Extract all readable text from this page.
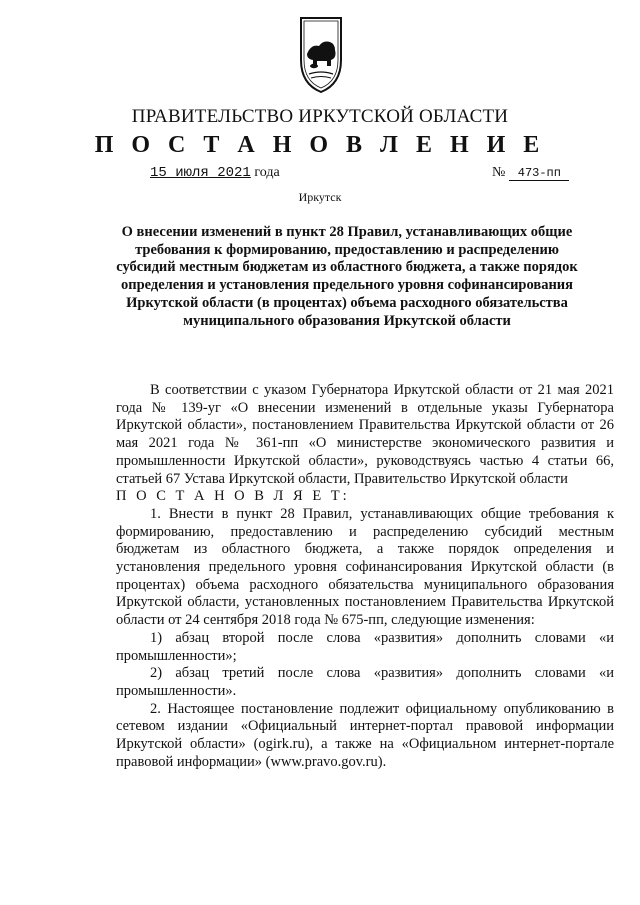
ПРАВИТЕЛЬСТВО ИРКУТСКОЙ ОБЛАСТИ
П О С Т А Н О В Л Е Н И Е
15 июля 2021 года	№ 473-пп
Иркутск
О внесении изменений в пункт 28 Правил, устанавливающих общие требования к формированию, предоставлению и распределению субсидий местным бюджетам из областного бюджета, а также порядок определения и установления предельного уровня софинансирования Иркутской области (в процентах) объема расходного обязательства муниципального образования Иркутской области

В соответствии с указом Губернатора Иркутской области от 21 мая 2021 года № 139-уг «О внесении изменений в отдельные указы Губернатора Иркутской области», постановлением Правительства Иркутской области от 26 мая 2021 года № 361-пп «О министерстве экономического развития и промышленности Иркутской области», руководствуясь частью 4 статьи 66, статьей 67 Устава Иркутской области, Правительство Иркутской области

П О С Т А Н О В Л Я Е Т:

1. Внести в пункт 28 Правил, устанавливающих общие требования к формированию, предоставлению и распределению субсидий местным бюджетам из областного бюджета, а также порядок определения и установления предельного уровня софинансирования Иркутской области (в процентах) объема расходного обязательства муниципального образования Иркутской области, установленных постановлением Правительства Иркутской области от 24 сентября 2018 года № 675-пп, следующие изменения:

1) абзац второй после слова «развития» дополнить словами «и промышленности»;

2) абзац третий после слова «развития» дополнить словами «и промышленности».

2. Настоящее постановление подлежит официальному опубликованию в сетевом издании «Официальный интернет-портал правовой информации Иркутской области» (ogirk.ru), а также на «Официальном интернет-портале правовой информации» (www.pravo.gov.ru).
